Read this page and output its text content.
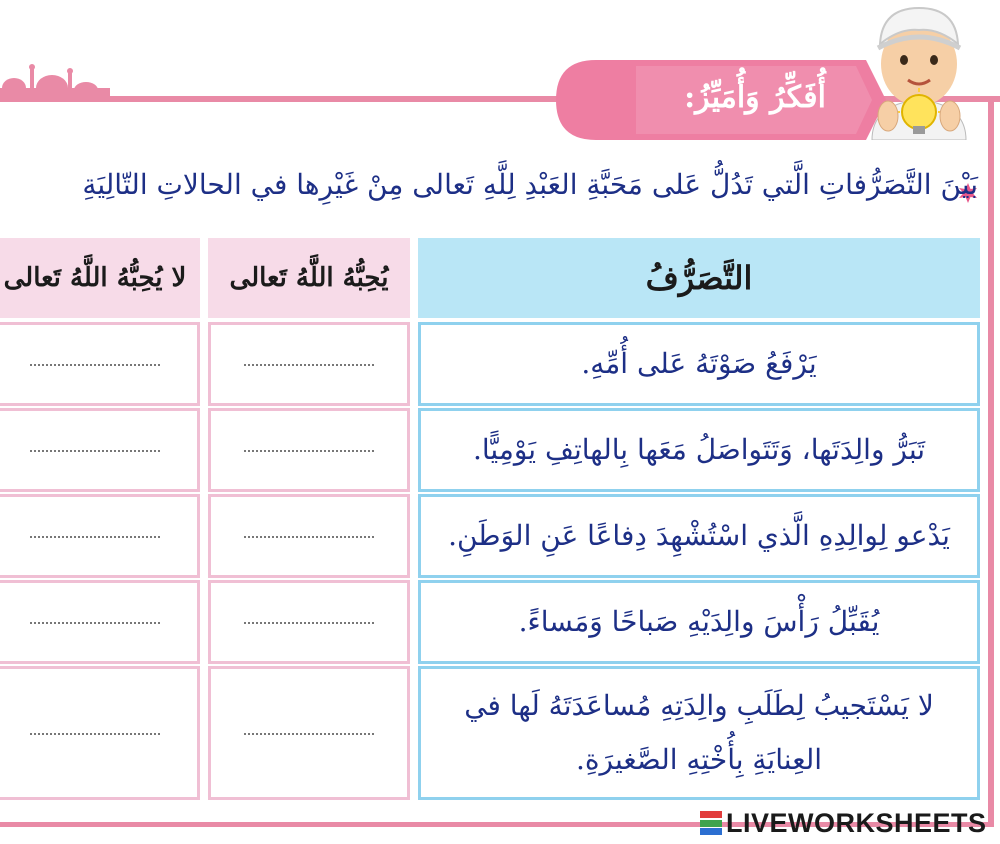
أُفَكِّرُ وَأُمَيِّزُ:
بَيْنَ التَّصَرُّفاتِ الَّتي تَدُلُّ عَلى مَحَبَّةِ العَبْدِ لِلَّهِ تَعالى مِنْ غَيْرِها في الحالاتِ التّالِيَةِ
التَّصَرُّفُ
يُحِبُّهُ اللَّهُ تَعالى
لا يُحِبُّهُ اللَّهُ تَعالى
يَرْفَعُ صَوْتَهُ عَلى أُمِّهِ.
تَبَرُّ والِدَتَها، وَتَتَواصَلُ مَعَها بِالهاتِفِ يَوْمِيًّا.
يَدْعو لِوالِدِهِ الَّذي اسْتُشْهِدَ دِفاعًا عَنِ الوَطَنِ.
يُقَبِّلُ رَأْسَ والِدَيْهِ صَباحًا وَمَساءً.
لا يَسْتَجيبُ لِطَلَبِ والِدَتِهِ مُساعَدَتَهُ لَها في العِنايَةِ بِأُخْتِهِ الصَّغيرَةِ.
LIVEWORKSHEETS
